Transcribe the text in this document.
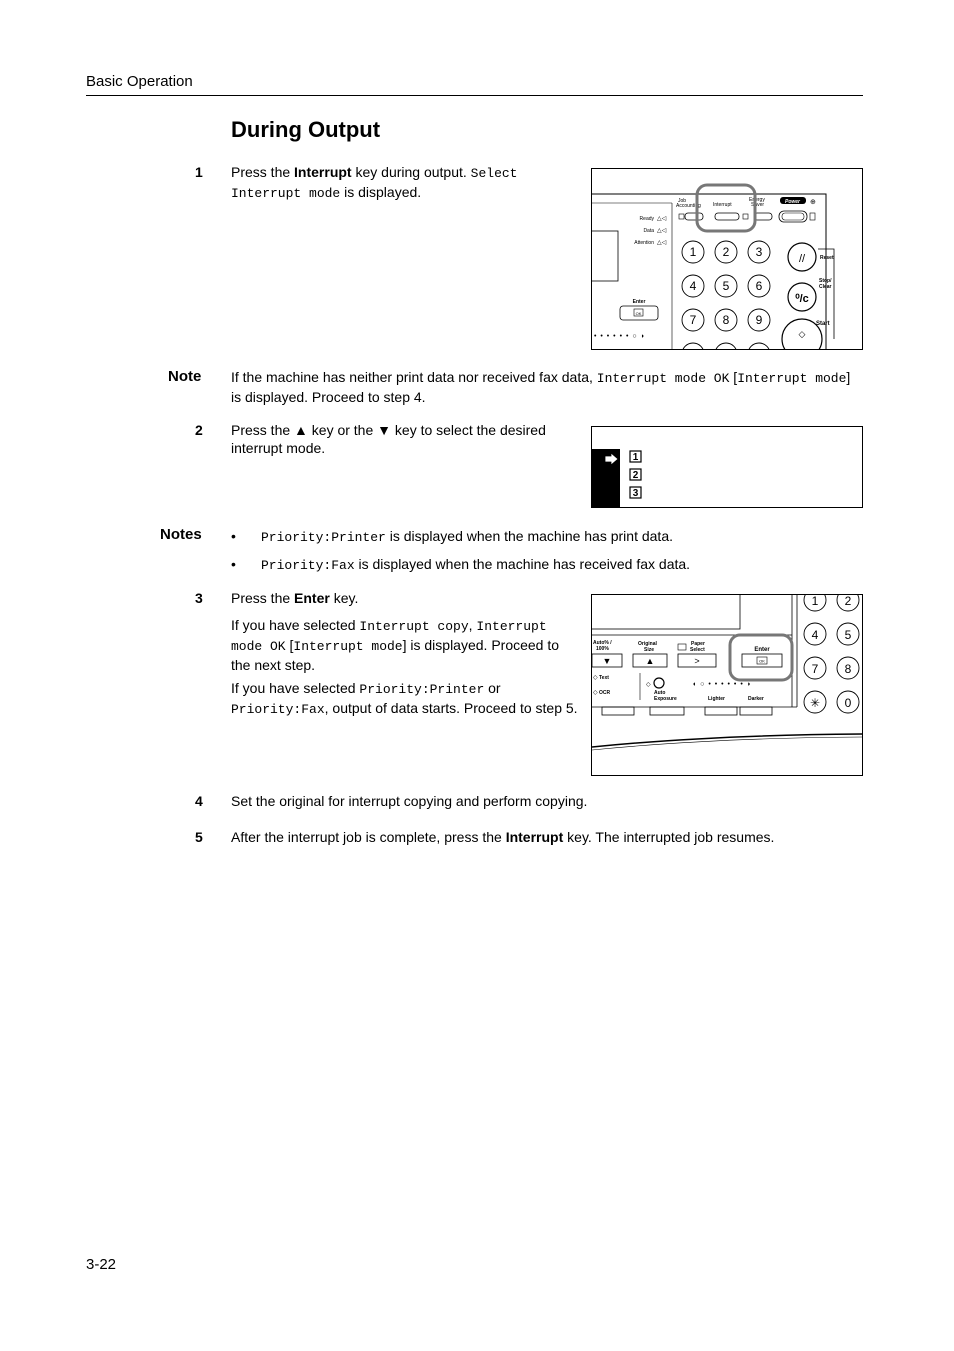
Basic Operation
During Output
1 Press the Interrupt key during output. Select Interrupt mode is displayed.
Job
Accounting Interrupt
Energy
Saver	Power ⊕
Ready
Data
Attention
△◁
△◁
△◁
Enter
OK
• • • • • • ○ ◗
1 2 3
4 5 6
7 8 9
//
⁰/c
◇
Reset
Stop/
Clear
Start
Note If the machine has neither print data nor received fax data, Interrupt mode OK [Interrupt mode] is displayed. Proceed to step 4.
2 Press the ▲ key or the ▼ key to select the desired interrupt mode.
1
2
3
Notes • Priority:Printer is displayed when the machine has print data.
• Priority:Fax is displayed when the machine has received fax data.
3 Press the Enter key.
If you have selected Interrupt copy, Interrupt mode OK [Interrupt mode] is displayed. Proceed to the next step.
If you have selected Priority:Printer or Priority:Fax, output of data starts. Proceed to step 5.
Auto% /
100%
▼
Original
Size
▲
Paper
Select
>
Enter
OK
◇ Text
◇ OCR
◇
Auto
Exposure
◖ ○ • • • • • • ◗
Lighter	Darker
1 2
4 5
7 8
✳ 0
4 Set the original for interrupt copying and perform copying.
5 After the interrupt job is complete, press the Interrupt key. The interrupted job resumes.
3-22
